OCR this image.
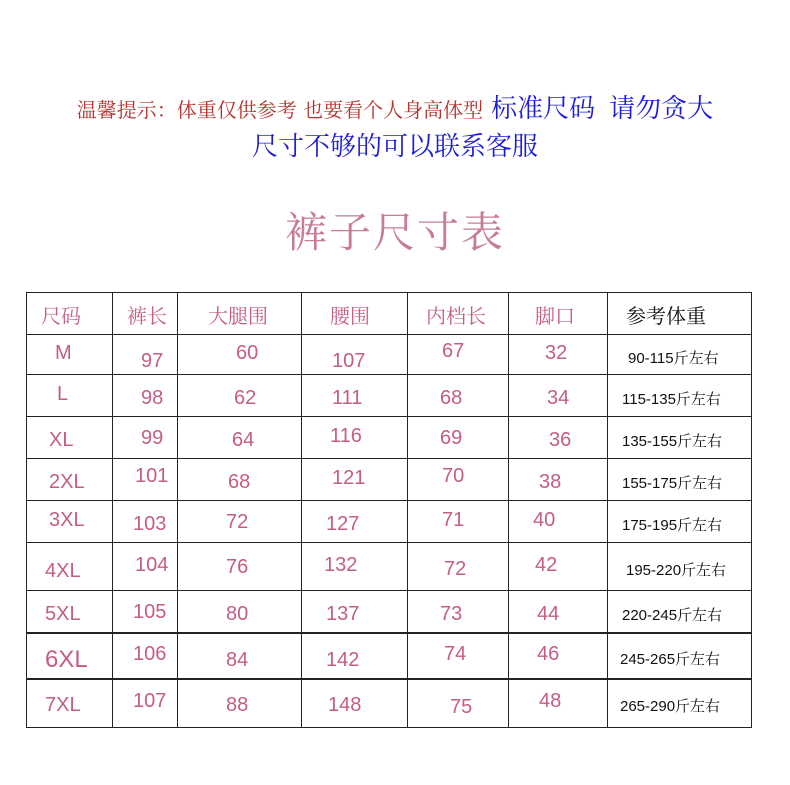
温馨提示：体重仅供参考 也要看个人身高体型 标准尺码 请勿贪大
尺寸不够的可以联系客服
裤子尺寸表
尺码	裤长	大腿围	腰围	内档长	脚口	参考体重
M	97	60	107	67	32	90-115斤左右
L	98	62	111	68	34	115-135斤左右
XL	99	64	116	69	36	135-155斤左右
2XL	101	68	121	70	38	155-175斤左右
3XL	103	72	127	71	40	175-195斤左右
4XL	104	76	132	72	42	195-220斤左右
5XL	105	80	137	73	44	220-245斤左右
6XL	106	84	142	74	46	245-265斤左右
7XL	107	88	148	75	48	265-290斤左右
